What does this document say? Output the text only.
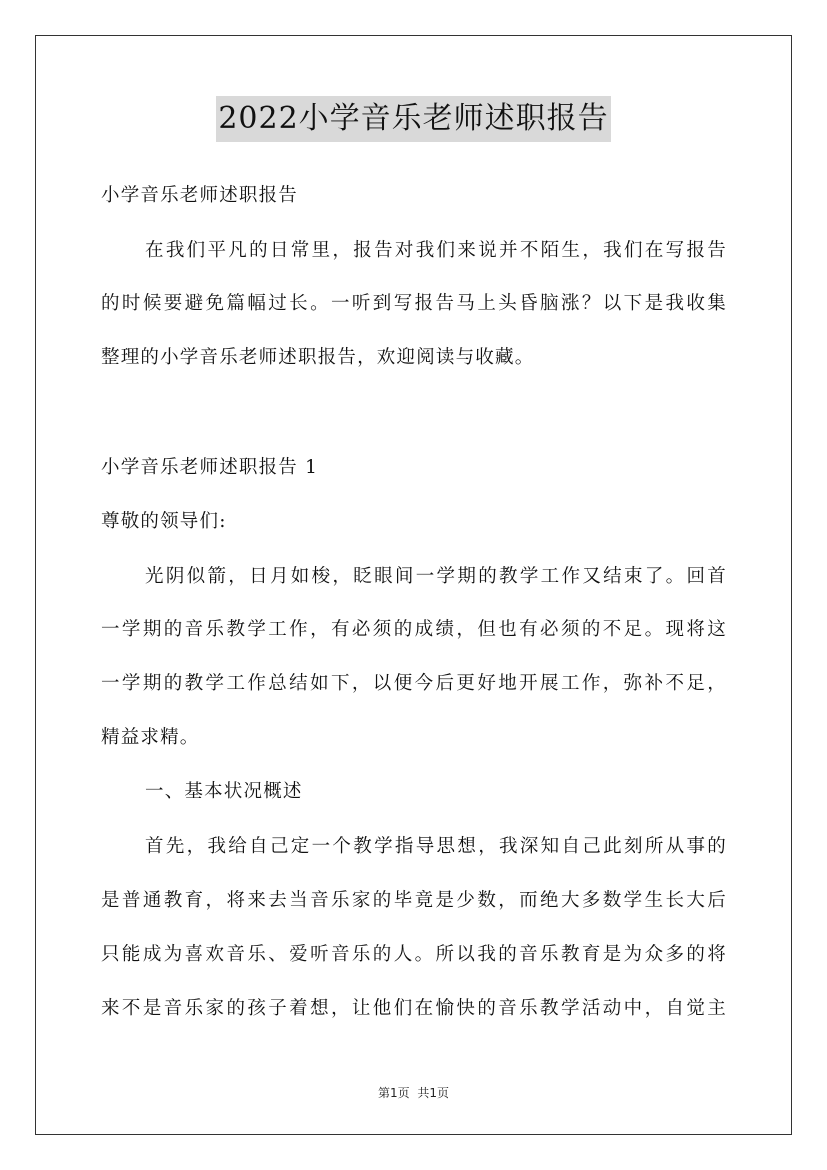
2022小学音乐老师述职报告
小学音乐老师述职报告
在我们平凡的日常里，报告对我们来说并不陌生，我们在写报告
的时候要避免篇幅过长。一听到写报告马上头昏脑涨？以下是我收集
整理的小学音乐老师述职报告，欢迎阅读与收藏。
小学音乐老师述职报告 1
尊敬的领导们:
光阴似箭，日月如梭，眨眼间一学期的教学工作又结束了。回首
一学期的音乐教学工作，有必须的成绩，但也有必须的不足。现将这
一学期的教学工作总结如下，以便今后更好地开展工作，弥补不足，
精益求精。
一、基本状况概述
首先，我给自己定一个教学指导思想，我深知自己此刻所从事的
是普通教育，将来去当音乐家的毕竟是少数，而绝大多数学生长大后
只能成为喜欢音乐、爱听音乐的人。所以我的音乐教育是为众多的将
来不是音乐家的孩子着想，让他们在愉快的音乐教学活动中，自觉主
第1页 共1页
